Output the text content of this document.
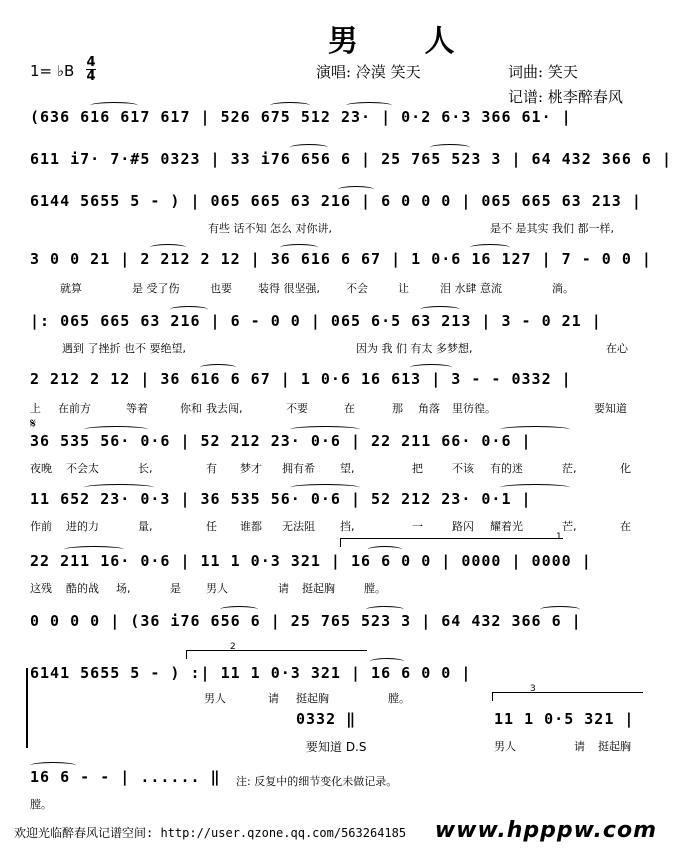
男 人
1= ♭B 4
4	演唱: 冷漠 笑天	词曲: 笑天
记谱: 桃李醉春风
(636 616 617 617 | 526 675 512 23· | 0·2 6·3 366 61· |
611 i7· 7·#5 0323 | 33 i76 656 6 | 25 765 523 3 | 64 432 366 6 |
6144 5655 5 - ) | 065 665 63 216 | 6 0 0 0 | 065 665 63 213 |
有些 话不知 怎么 对你讲,	是不 是其实 我们 都一样,
3 0 0 21 | 2 212 2 12 | 36 616 6 67 | 1 0·6 16 127 | 7 - 0 0 |
就算	是 受了伤	也要 装得 很坚强, 不会	让	泪 水肆 意流	淌。
|: 065 665 63 216 | 6 - 0 0 | 065 6·5 63 213 | 3 - 0 21 |
遇到 了挫折 也不 要绝望,	因为 我 们 有太 多梦想,	在心
2 212 2 12 | 36 616 6 67 | 1 0·6 16 613 | 3 - - 0332 |
上 在前方	等着	你和 我去闯,	不要	在	那 角落 里彷徨。	要知道
𝄋
36 535 56· 0·6 | 52 212 23· 0·6 | 22 211 66· 0·6 |
夜晚 不会太	长,	有 梦才 拥有希 望,	把	不该 有的迷	茫,	化
11 652 23· 0·3 | 36 535 56· 0·6 | 52 212 23· 0·1 |
作前 进的力	量,	任 谁都 无法阻 挡,	一	路闪 耀着光	芒,	在
1
22 211 16· 0·6 | 11 1 0·3 321 | 16 6 0 0 | 0000 | 0000 |
这残 酷的战 场,	是 男人	请 挺起胸	膛。
0 0 0 0 | (36 i76 656 6 | 25 765 523 3 | 64 432 366 6 |
2
6141 5655 5 - ) :| 11 1 0·3 321 | 16 6 0 0 |
男人	请 挺起胸	膛。
0332 ‖
要知道 D.S
3
11 1 0·5 321 |
男人	请 挺起胸
16 6 - - | ...... ‖
膛。
注: 反复中的细节变化未做记录。
欢迎光临醉春风记谱空间: http://user.qzone.qq.com/563264185 www.hpppw.com
